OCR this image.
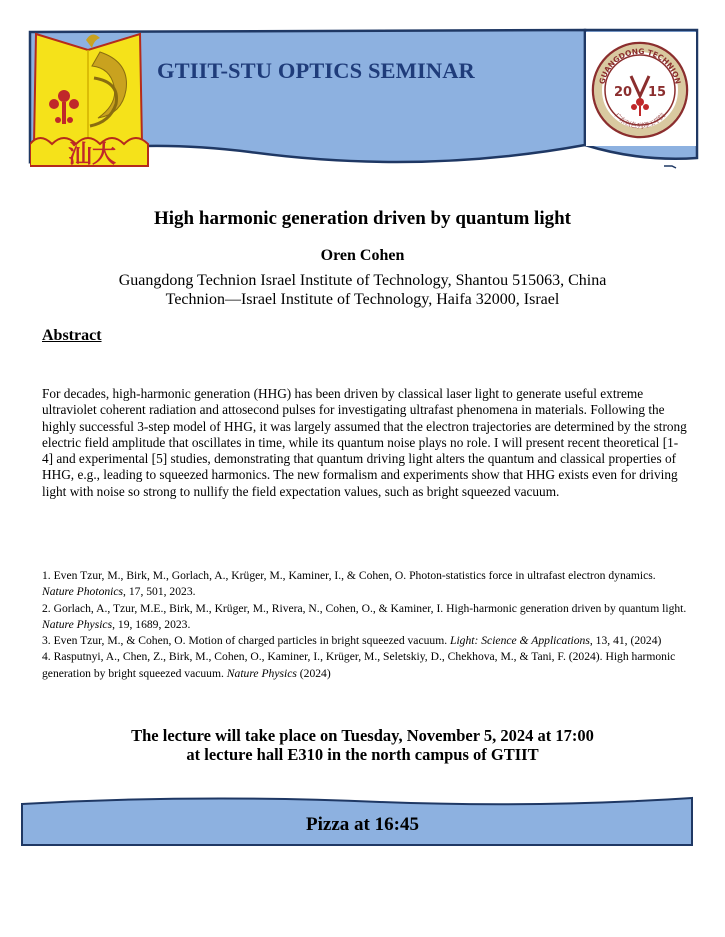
GTIIT-STU OPTICS SEMINAR
汕大
GUANGDONG TECHNION
广东以色列理工学院
20 15
High harmonic generation driven by quantum light
Oren Cohen
Guangdong Technion Israel Institute of Technology, Shantou 515063, China
Technion—Israel Institute of Technology, Haifa 32000, Israel
Abstract
For decades, high-harmonic generation (HHG) has been driven by classical laser light to generate useful extreme ultraviolet coherent radiation and attosecond pulses for investigating ultrafast phenomena in materials. Following the highly successful 3-step model of HHG, it was largely assumed that the electron trajectories are determined by the strong electric field amplitude that oscillates in time, while its quantum noise plays no role. I will present recent theoretical [1-4] and experimental [5] studies, demonstrating that quantum driving light alters the quantum and classical properties of HHG, e.g., leading to squeezed harmonics. The new formalism and experiments show that HHG exists even for driving light with noise so strong to nullify the field expectation values, such as bright squeezed vacuum.

1. Even Tzur, M., Birk, M., Gorlach, A., Krüger, M., Kaminer, I., & Cohen, O. Photon-statistics force in ultrafast electron dynamics. Nature Photonics, 17, 501, 2023.

2. Gorlach, A., Tzur, M.E., Birk, M., Krüger, M., Rivera, N., Cohen, O., & Kaminer, I. High-harmonic generation driven by quantum light. Nature Physics, 19, 1689, 2023.

3. Even Tzur, M., & Cohen, O. Motion of charged particles in bright squeezed vacuum. Light: Science & Applications, 13, 41, (2024)

4. Rasputnyi, A., Chen, Z., Birk, M., Cohen, O., Kaminer, I., Krüger, M., Seletskiy, D., Chekhova, M., & Tani, F. (2024). High harmonic generation by bright squeezed vacuum. Nature Physics (2024)

The lecture will take place on Tuesday, November 5, 2024 at 17:00
at lecture hall E310 in the north campus of GTIIT
Pizza at 16:45
